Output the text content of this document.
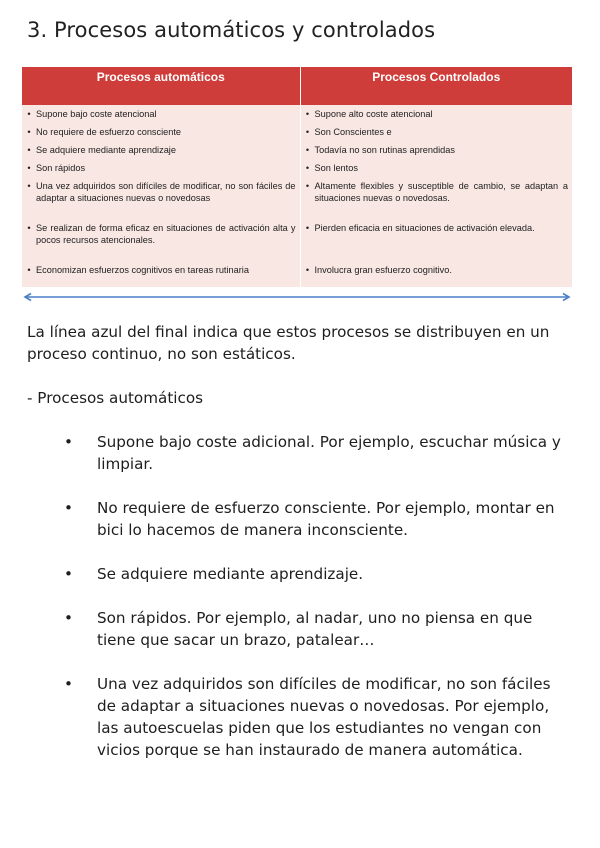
3. Procesos automáticos y controlados
Procesos automáticos	Procesos Controlados

• Supone bajo coste atencional	• Supone alto coste atencional

• No requiere de esfuerzo consciente	• Son Conscientes e

• Se adquiere mediante aprendizaje	• Todavía no son rutinas aprendidas

• Son rápidos	• Son lentos

• Una vez adquiridos son difíciles de modificar, no son fáciles de adaptar a situaciones nuevas o novedosas	• Altamente flexibles y susceptible de cambio, se adaptan a situaciones nuevas o novedosas.

• Se realizan de forma eficaz en situaciones de activación alta y pocos recursos atencionales.	• Pierden eficacia en situaciones de activación elevada.

• Economizan esfuerzos cognitivos en tareas rutinaria	• Involucra gran esfuerzo cognitivo.

La línea azul del final indica que estos procesos se distribuyen en un proceso continuo, no son estáticos.

- Procesos automáticos

• Supone bajo coste adicional. Por ejemplo, escuchar música y limpiar.
• No requiere de esfuerzo consciente. Por ejemplo, montar en bici lo hacemos de manera inconsciente.
• Se adquiere mediante aprendizaje.
• Son rápidos. Por ejemplo, al nadar, uno no piensa en que tiene que sacar un brazo, patalear…
• Una vez adquiridos son difíciles de modificar, no son fáciles de adaptar a situaciones nuevas o novedosas. Por ejemplo, las autoescuelas piden que los estudiantes no vengan con vicios porque se han instaurado de manera automática.
